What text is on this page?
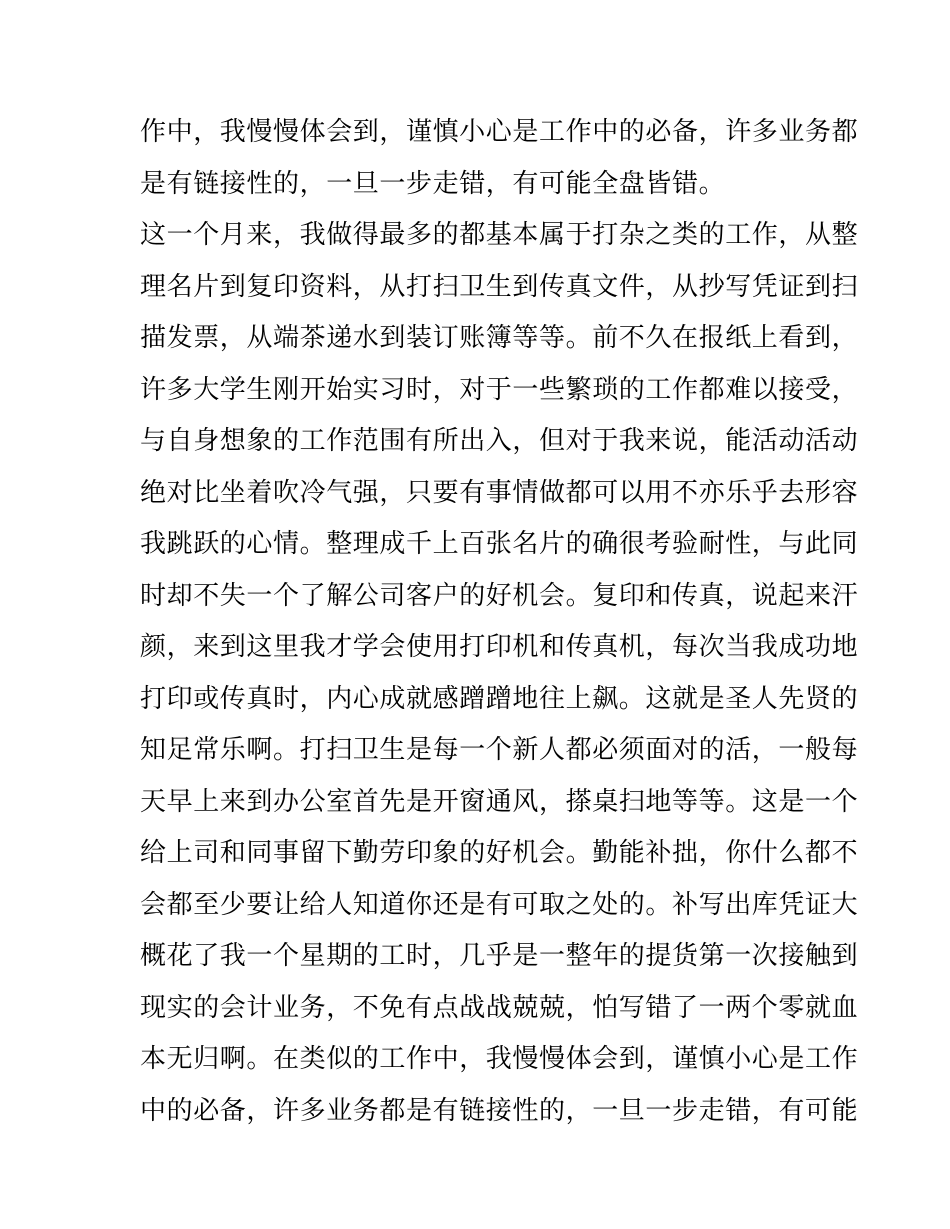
作中，我慢慢体会到，谨慎小心是工作中的必备，许多业务都
是有链接性的，一旦一步走错，有可能全盘皆错。
这一个月来，我做得最多的都基本属于打杂之类的工作，从整
理名片到复印资料，从打扫卫生到传真文件，从抄写凭证到扫
描发票，从端茶递水到装订账簿等等。前不久在报纸上看到，
许多大学生刚开始实习时，对于一些繁琐的工作都难以接受，
与自身想象的工作范围有所出入，但对于我来说，能活动活动
绝对比坐着吹冷气强，只要有事情做都可以用不亦乐乎去形容
我跳跃的心情。整理成千上百张名片的确很考验耐性，与此同
时却不失一个了解公司客户的好机会。复印和传真，说起来汗
颜，来到这里我才学会使用打印机和传真机，每次当我成功地
打印或传真时，内心成就感蹭蹭地往上飙。这就是圣人先贤的
知足常乐啊。打扫卫生是每一个新人都必须面对的活，一般每
天早上来到办公室首先是开窗通风，搽桌扫地等等。这是一个
给上司和同事留下勤劳印象的好机会。勤能补拙，你什么都不
会都至少要让给人知道你还是有可取之处的。补写出库凭证大
概花了我一个星期的工时，几乎是一整年的提货第一次接触到
现实的会计业务，不免有点战战兢兢，怕写错了一两个零就血
本无归啊。在类似的工作中，我慢慢体会到，谨慎小心是工作
中的必备，许多业务都是有链接性的，一旦一步走错，有可能
